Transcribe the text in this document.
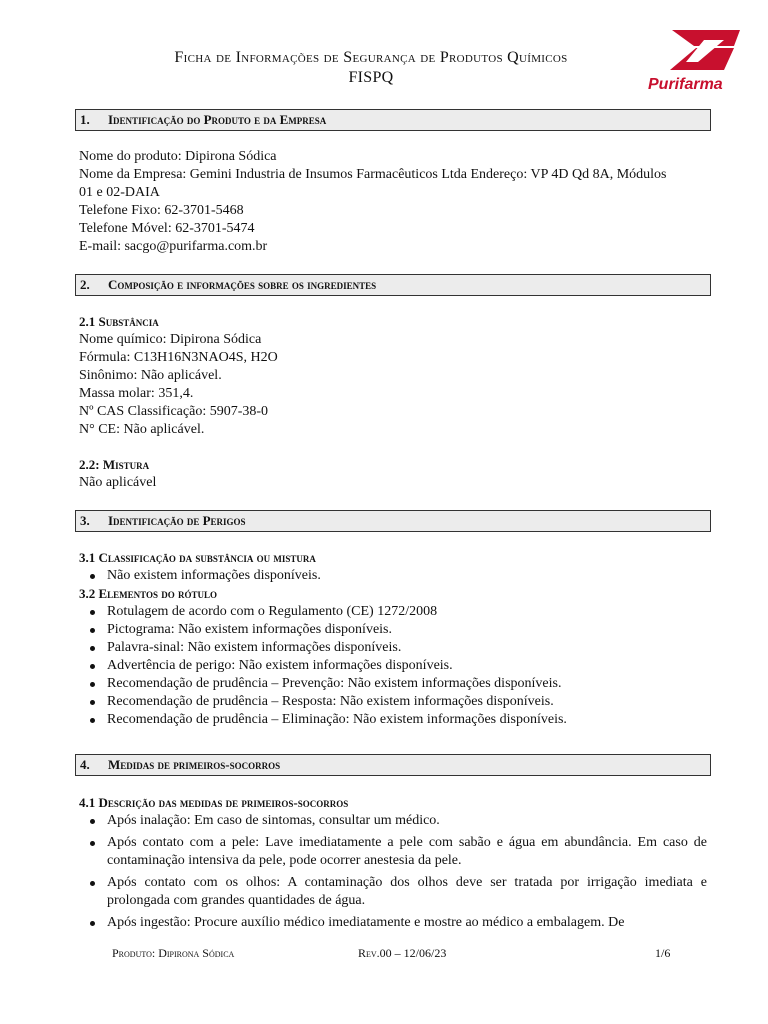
Ficha de Informações de Segurança de Produtos Químicos
FISPQ	Purifarma
1. Identificação do Produto e da Empresa
Nome do produto: Dipirona Sódica
Nome da Empresa: Gemini Industria de Insumos Farmacêuticos Ltda Endereço: VP 4D Qd 8A, Módulos
01 e 02-DAIA
Telefone Fixo: 62-3701-5468
Telefone Móvel: 62-3701-5474
E-mail: sacgo@purifarma.com.br
2. Composição e informações sobre os ingredientes
2.1 Substância
Nome químico: Dipirona Sódica
Fórmula: C13H16N3NAO4S, H2O
Sinônimo: Não aplicável.
Massa molar: 351,4.
Nº CAS Classificação: 5907-38-0
N° CE: Não aplicável.
2.2: Mistura
Não aplicável
3. Identificação de Perigos
3.1 Classificação da substância ou mistura
Não existem informações disponíveis.
3.2 Elementos do rótulo
Rotulagem de acordo com o Regulamento (CE) 1272/2008
Pictograma: Não existem informações disponíveis.
Palavra-sinal: Não existem informações disponíveis.
Advertência de perigo: Não existem informações disponíveis.
Recomendação de prudência – Prevenção: Não existem informações disponíveis.
Recomendação de prudência – Resposta: Não existem informações disponíveis.
Recomendação de prudência – Eliminação: Não existem informações disponíveis.
4. Medidas de primeiros-socorros
4.1 Descrição das medidas de primeiros-socorros
Após inalação: Em caso de sintomas, consultar um médico.
Após contato com a pele: Lave imediatamente a pele com sabão e água em abundância. Em caso de contaminação intensiva da pele, pode ocorrer anestesia da pele.
Após contato com os olhos: A contaminação dos olhos deve ser tratada por irrigação imediata e prolongada com grandes quantidades de água.
Após ingestão: Procure auxílio médico imediatamente e mostre ao médico a embalagem. De
Produto: Dipirona Sódica	Rev.00 – 12/06/23	1/6
